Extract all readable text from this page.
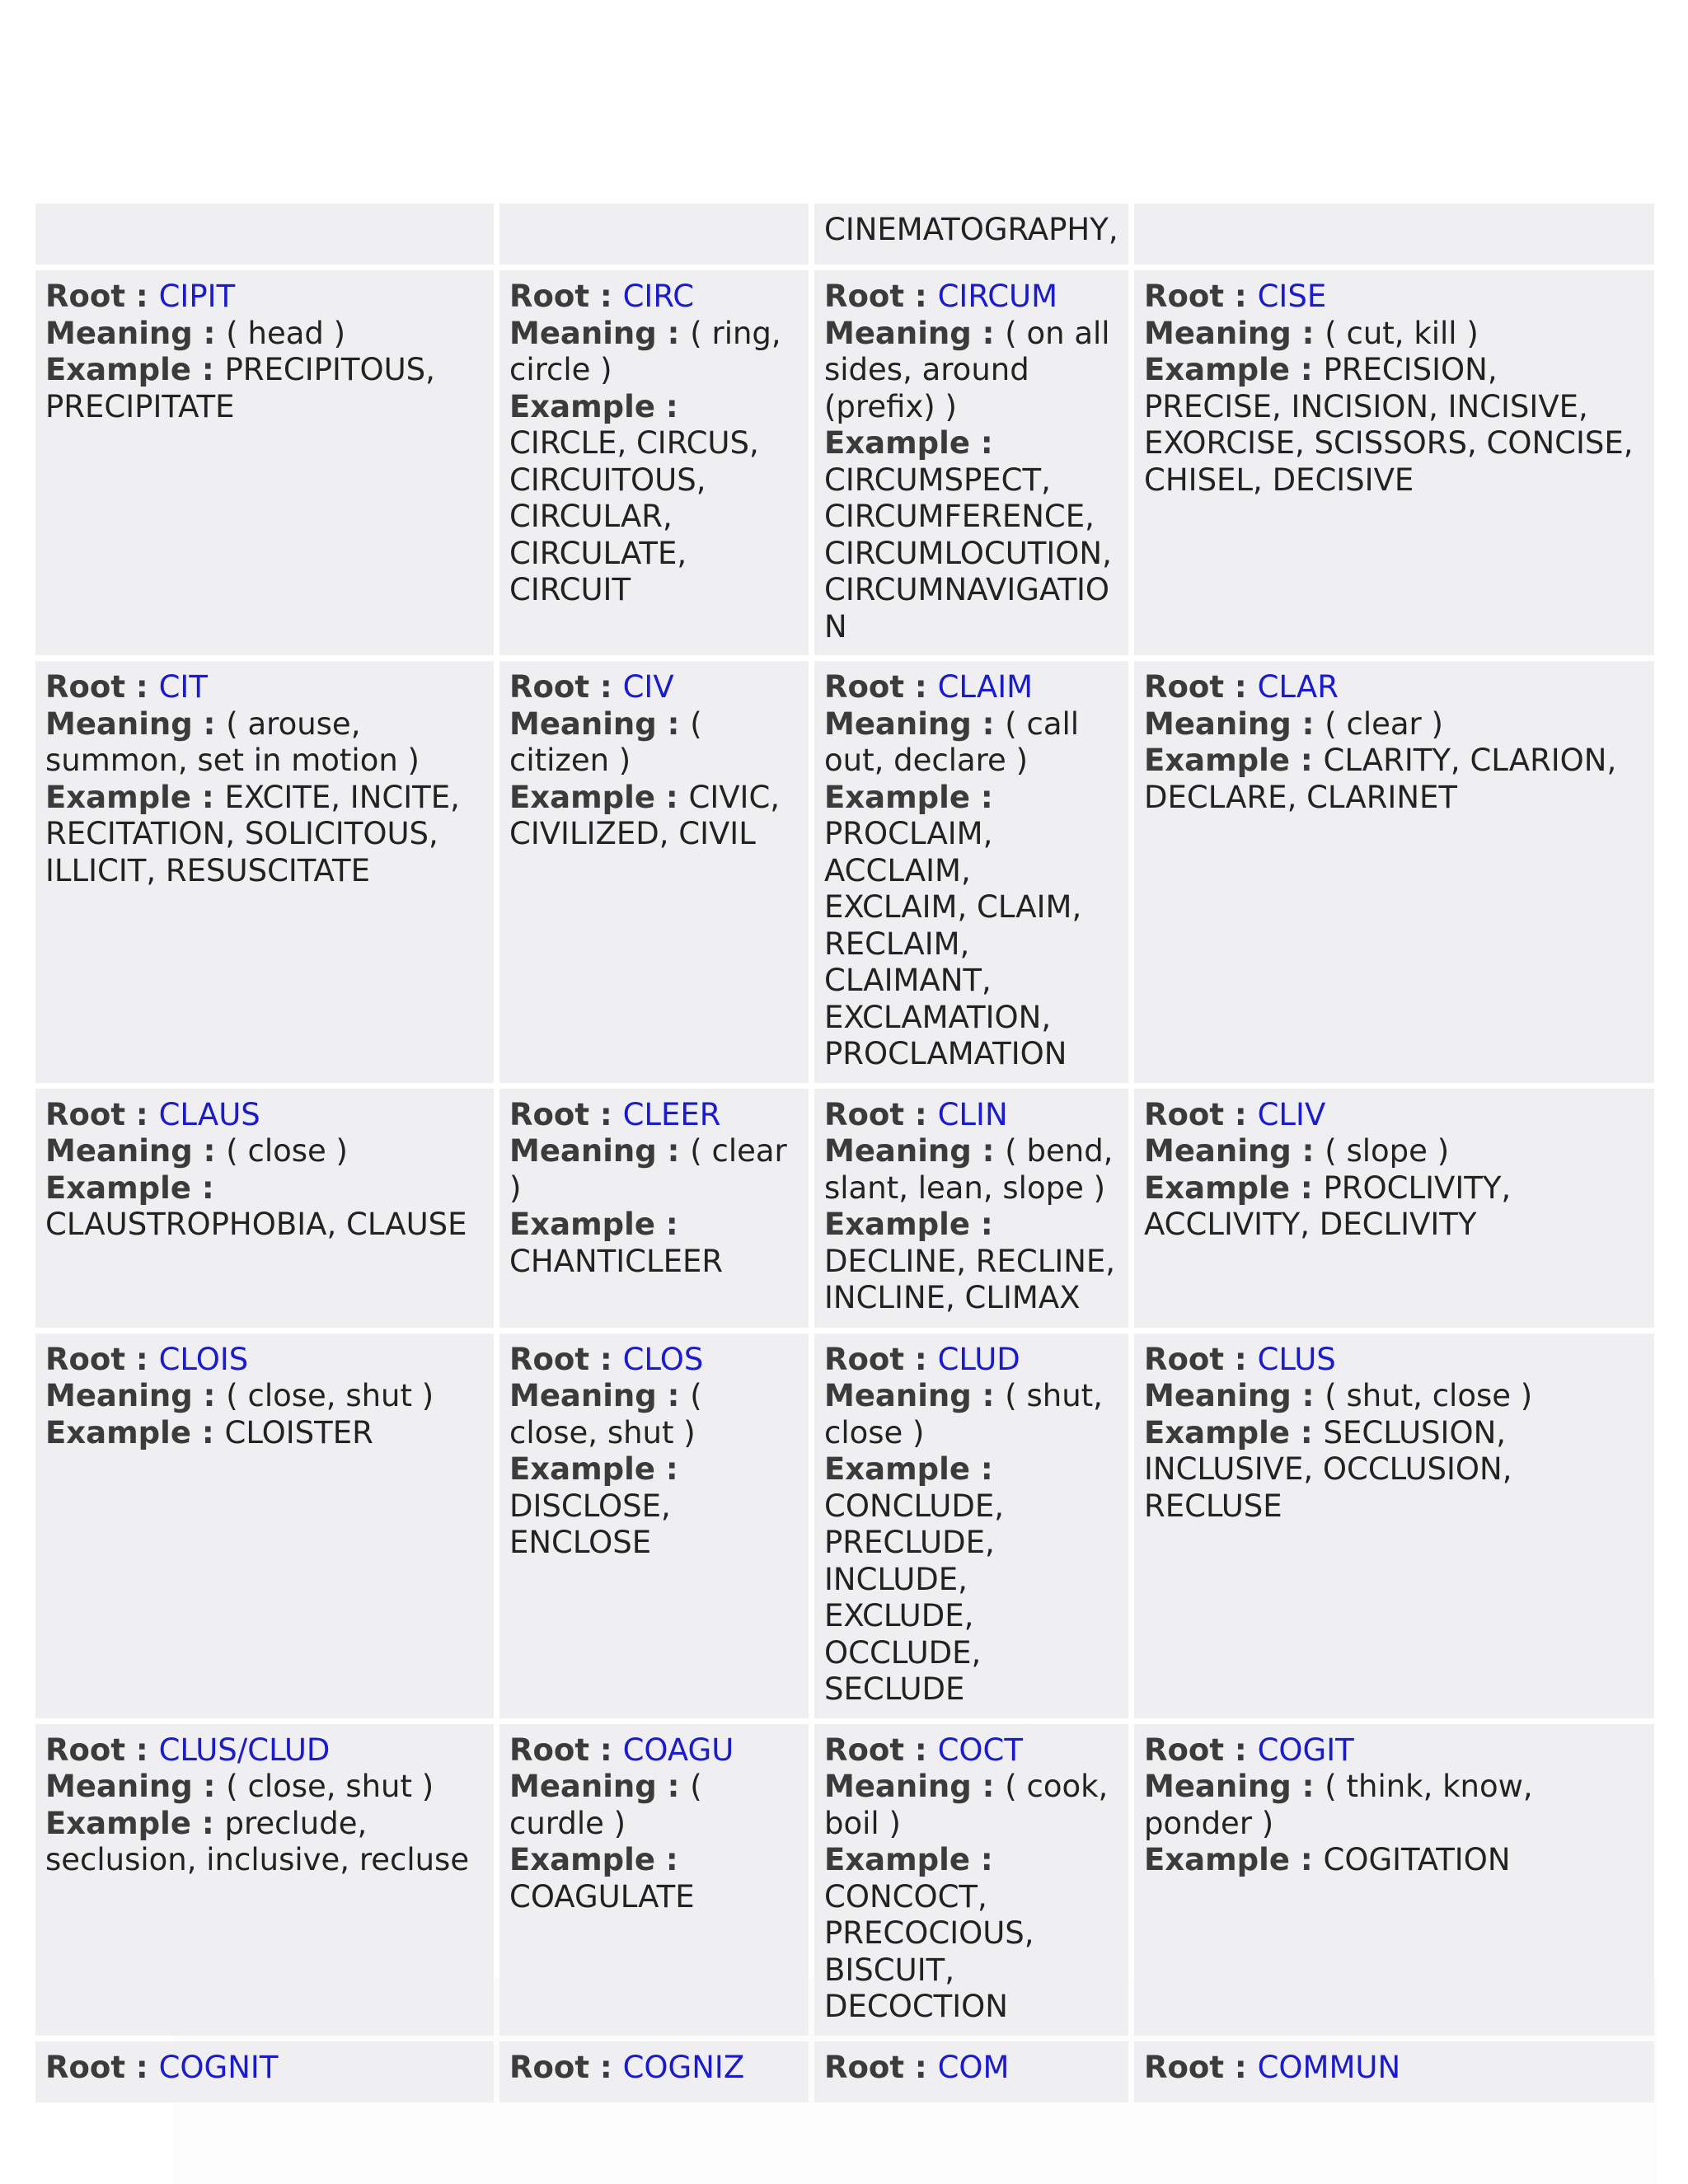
		CINEMATOGRAPHY,	

Root : CIPIT
Meaning : ( head )
Example : PRECIPITOUS, PRECIPITATE	Root : CIRC
Meaning : ( ring, circle )
Example : CIRCLE, CIRCUS, CIRCUITOUS, CIRCULAR, CIRCULATE, CIRCUIT	Root : CIRCUM
Meaning : ( on all sides, around (prefix) )
Example : CIRCUMSPECT, CIRCUMFERENCE, CIRCUMLOCUTION, CIRCUMNAVIGATION	Root : CISE
Meaning : ( cut, kill )
Example : PRECISION, PRECISE, INCISION, INCISIVE, EXORCISE, SCISSORS, CONCISE, CHISEL, DECISIVE

Root : CIT
Meaning : ( arouse, summon, set in motion )
Example : EXCITE, INCITE, RECITATION, SOLICITOUS, ILLICIT, RESUSCITATE	Root : CIV
Meaning : ( citizen )
Example : CIVIC, CIVILIZED, CIVIL	Root : CLAIM
Meaning : ( call out, declare )
Example : PROCLAIM, ACCLAIM, EXCLAIM, CLAIM, RECLAIM, CLAIMANT, EXCLAMATION, PROCLAMATION	Root : CLAR
Meaning : ( clear )
Example : CLARITY, CLARION, DECLARE, CLARINET

Root : CLAUS
Meaning : ( close )
Example : CLAUSTROPHOBIA, CLAUSE	Root : CLEER
Meaning : ( clear )
Example : CHANTICLEER	Root : CLIN
Meaning : ( bend, slant, lean, slope )
Example : DECLINE, RECLINE, INCLINE, CLIMAX	Root : CLIV
Meaning : ( slope )
Example : PROCLIVITY, ACCLIVITY, DECLIVITY

Root : CLOIS
Meaning : ( close, shut )
Example : CLOISTER	Root : CLOS
Meaning : ( close, shut )
Example : DISCLOSE, ENCLOSE	Root : CLUD
Meaning : ( shut, close )
Example : CONCLUDE, PRECLUDE, INCLUDE, EXCLUDE, OCCLUDE, SECLUDE	Root : CLUS
Meaning : ( shut, close )
Example : SECLUSION, INCLUSIVE, OCCLUSION, RECLUSE

Root : CLUS/CLUD
Meaning : ( close, shut )
Example : preclude, seclusion, inclusive, recluse	Root : COAGU
Meaning : ( curdle )
Example : COAGULATE	Root : COCT
Meaning : ( cook, boil )
Example : CONCOCT, PRECOCIOUS, BISCUIT, DECOCTION	Root : COGIT
Meaning : ( think, know, ponder )
Example : COGITATION

Root : COGNIT	Root : COGNIZ	Root : COM	Root : COMMUN
